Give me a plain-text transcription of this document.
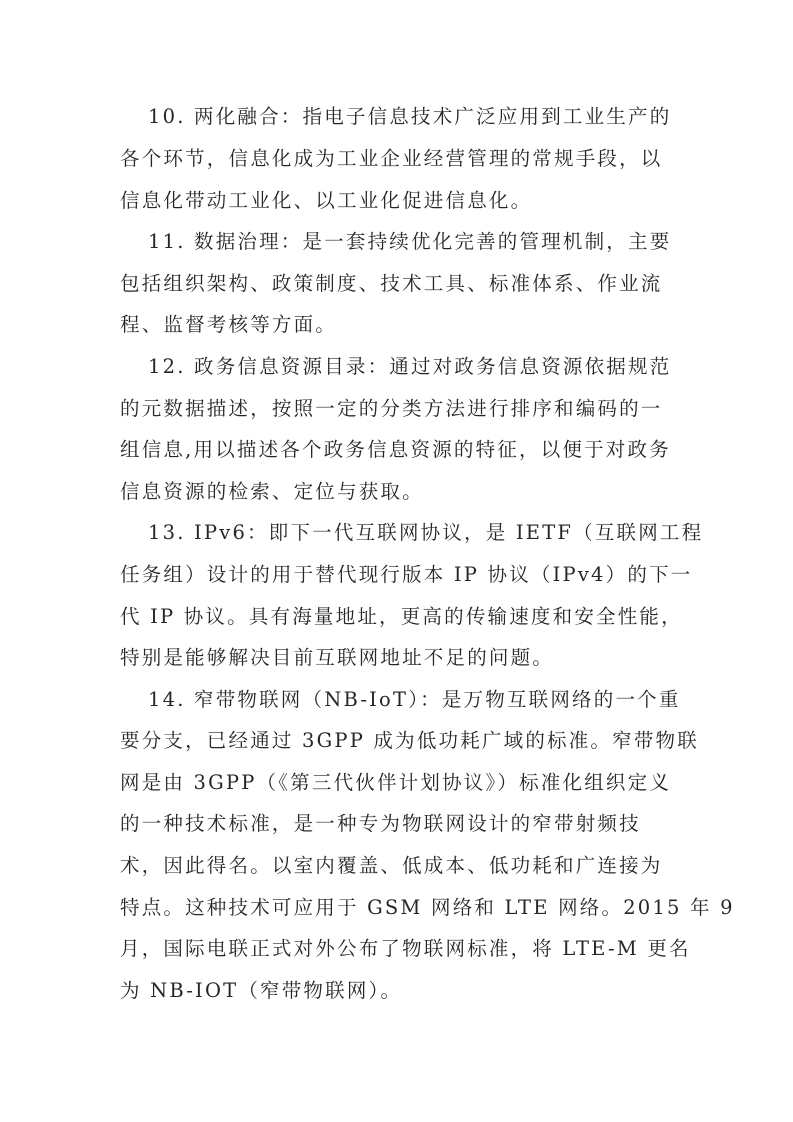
10. 两化融合：指电子信息技术广泛应用到工业生产的
各个环节，信息化成为工业企业经营管理的常规手段，以
信息化带动工业化、以工业化促进信息化。
11. 数据治理：是一套持续优化完善的管理机制，主要
包括组织架构、政策制度、技术工具、标准体系、作业流
程、监督考核等方面。
12. 政务信息资源目录：通过对政务信息资源依据规范
的元数据描述，按照一定的分类方法进行排序和编码的一
组信息,用以描述各个政务信息资源的特征，以便于对政务
信息资源的检索、定位与获取。
13. IPv6：即下一代互联网协议，是 IETF（互联网工程
任务组）设计的用于替代现行版本 IP 协议（IPv4）的下一
代 IP 协议。具有海量地址，更高的传输速度和安全性能，
特别是能够解决目前互联网地址不足的问题。
14. 窄带物联网（NB-IoT）：是万物互联网络的一个重
要分支，已经通过 3GPP 成为低功耗广域的标准。窄带物联
网是由 3GPP（《第三代伙伴计划协议》）标准化组织定义
的一种技术标准，是一种专为物联网设计的窄带射频技
术，因此得名。以室内覆盖、低成本、低功耗和广连接为
特点。这种技术可应用于 GSM 网络和 LTE 网络。2015 年 9
月，国际电联正式对外公布了物联网标准，将 LTE-M 更名
为 NB-IOT（窄带物联网）。
